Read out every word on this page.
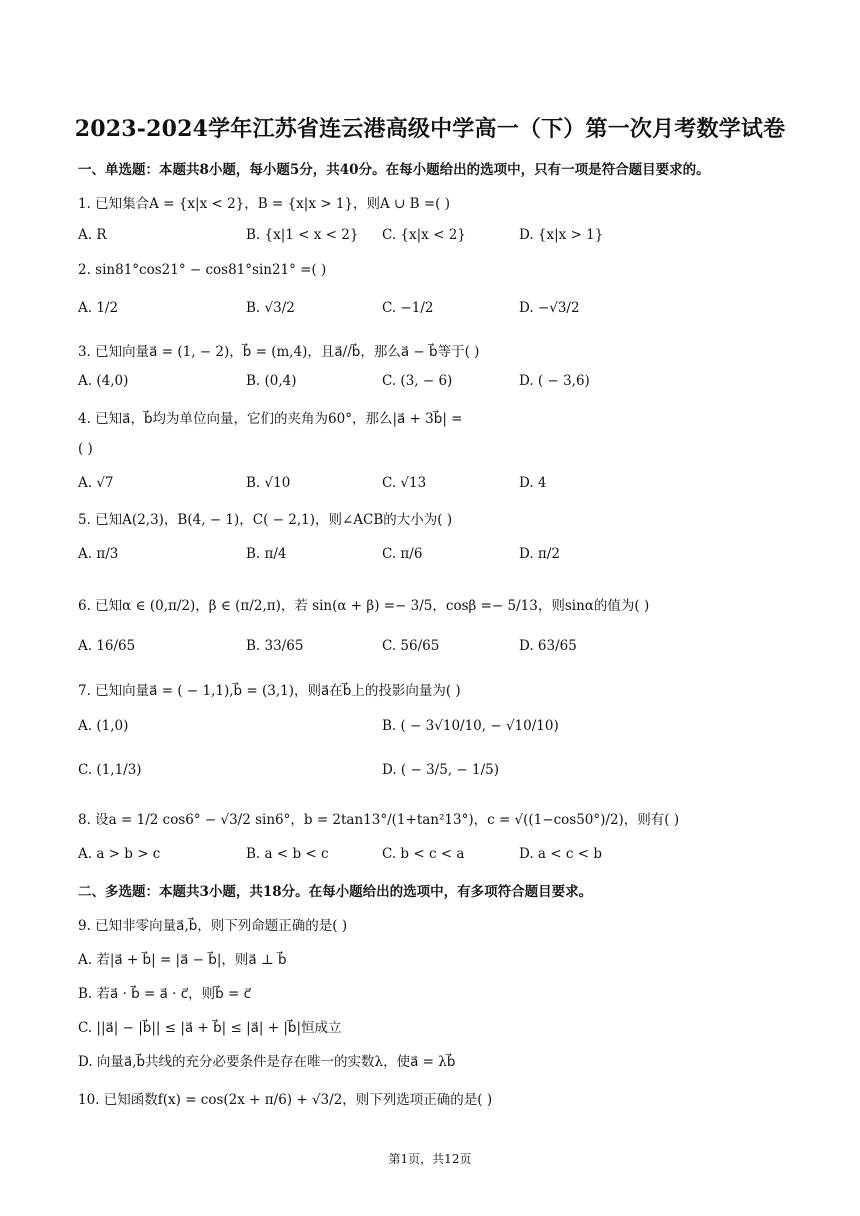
2023-2024学年江苏省连云港高级中学高一（下）第一次月考数学试卷
一、单选题：本题共8小题，每小题5分，共40分。在每小题给出的选项中，只有一项是符合题目要求的。
1. 已知集合A = {x|x < 2}，B = {x|x > 1}，则A ∪ B =( )
A. R	B. {x|1 < x < 2} C. {x|x < 2}	D. {x|x > 1}
2. sin81°cos21° − cos81°sin21° =( )
A. 1/2	B. √3/2	C. −1/2	D. −√3/2
3. 已知向量a⃗ = (1, − 2)，b⃗ = (m,4)，且a⃗//b⃗，那么a⃗ − b⃗等于( )
A. (4,0)	B. (0,4)	C. (3, − 6)	D. ( − 3,6)
4. 已知a⃗，b⃗均为单位向量，它们的夹角为60°，那么|a⃗ + 3b⃗| =
( )
A. √7	B. √10	C. √13	D. 4
5. 已知A(2,3)，B(4, − 1)，C( − 2,1)，则∠ACB的大小为( )
A. π/3	B. π/4	C. π/6	D. π/2
6. 已知α ∈ (0,π/2)，β ∈ (π/2,π)，若 sin(α + β) =− 3/5，cosβ =− 5/13，则sinα的值为( )
A. 16/65	B. 33/65	C. 56/65	D. 63/65
7. 已知向量a⃗ = ( − 1,1),b⃗ = (3,1)，则a⃗在b⃗上的投影向量为( )
A. (1,0)	B. ( − 3√10/10, − √10/10)
C. (1,1/3)	D. ( − 3/5, − 1/5)
8. 设a = 1/2 cos6° − √3/2 sin6°，b = 2tan13°/(1+tan²13°)，c = √((1−cos50°)/2)，则有( )
A. a > b > c	B. a < b < c	C. b < c < a	D. a < c < b
二、多选题：本题共3小题，共18分。在每小题给出的选项中，有多项符合题目要求。
9. 已知非零向量a⃗,b⃗，则下列命题正确的是( )
A. 若|a⃗ + b⃗| = |a⃗ − b⃗|，则a⃗ ⊥ b⃗
B. 若a⃗ · b⃗ = a⃗ · c⃗，则b⃗ = c⃗
C. ||a⃗| − |b⃗|| ≤ |a⃗ + b⃗| ≤ |a⃗| + |b⃗|恒成立
D. 向量a⃗,b⃗共线的充分必要条件是存在唯一的实数λ，使a⃗ = λb⃗
10. 已知函数f(x) = cos(2x + π/6) + √3/2，则下列选项正确的是( )
第1页，共12页
